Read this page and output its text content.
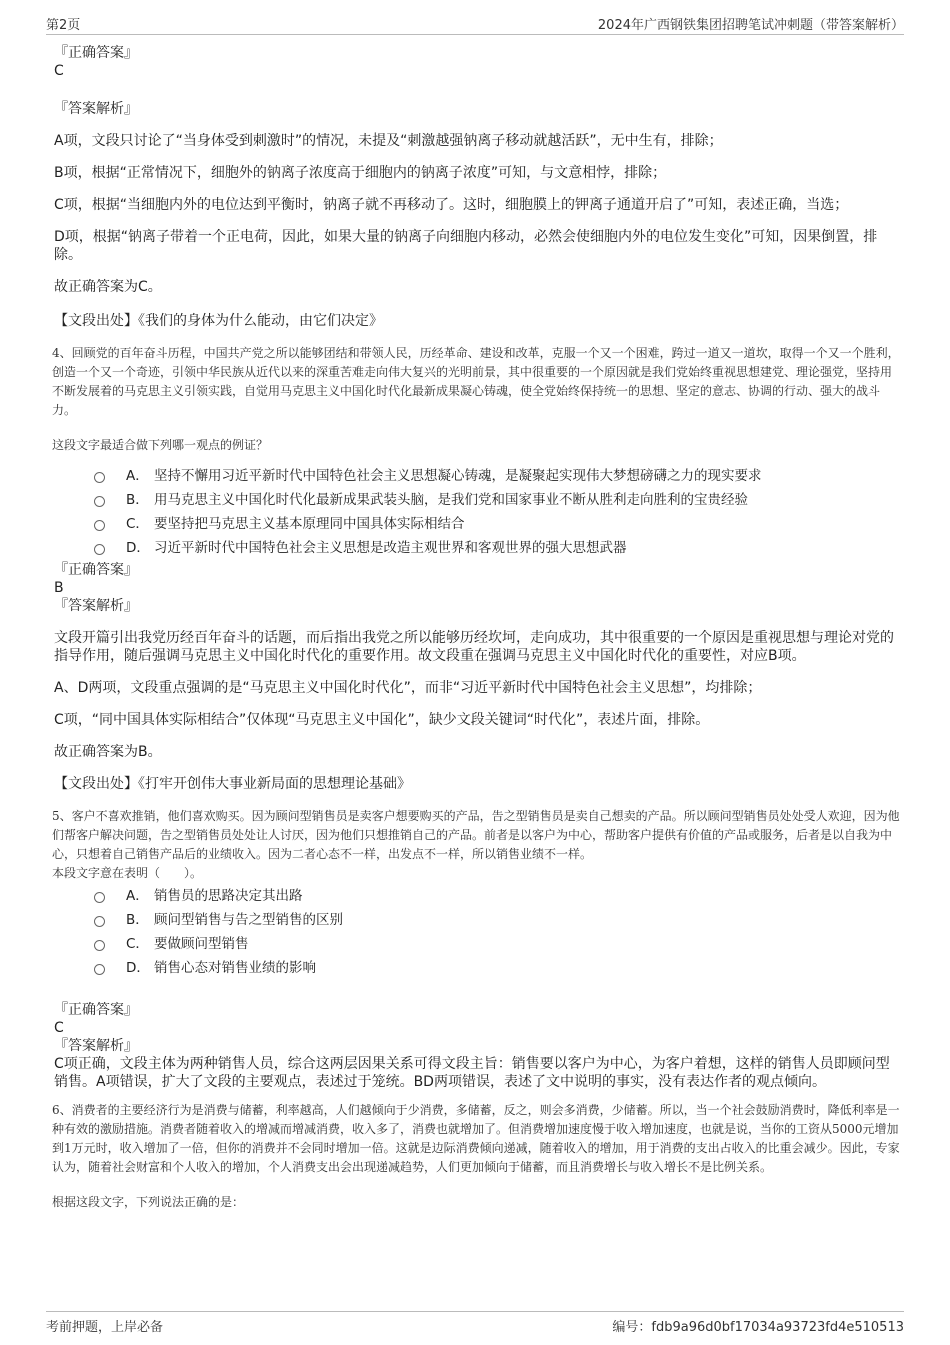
第2页	2024年广西钢铁集团招聘笔试冲刺题（带答案解析）

『正确答案』

C

『答案解析』

A项，文段只讨论了“当身体受到刺激时”的情况，未提及“刺激越强钠离子移动就越活跃”，无中生有，排除；

B项，根据“正常情况下，细胞外的钠离子浓度高于细胞内的钠离子浓度”可知，与文意相悖，排除；

C项，根据“当细胞内外的电位达到平衡时，钠离子就不再移动了。这时，细胞膜上的钾离子通道开启了”可知，表述正确，当选；

D项，根据“钠离子带着一个正电荷，因此，如果大量的钠离子向细胞内移动，必然会使细胞内外的电位发生变化”可知，因果倒置，排除。

故正确答案为C。

【文段出处】《我们的身体为什么能动，由它们决定》

4、回顾党的百年奋斗历程，中国共产党之所以能够团结和带领人民，历经革命、建设和改革，克服一个又一个困难，跨过一道又一道坎，取得一个又一个胜利，创造一个又一个奇迹，引领中华民族从近代以来的深重苦难走向伟大复兴的光明前景，其中很重要的一个原因就是我们党始终重视思想建党、理论强党，坚持用不断发展着的马克思主义引领实践，自觉用马克思主义中国化时代化最新成果凝心铸魂，使全党始终保持统一的思想、坚定的意志、协调的行动、强大的战斗力。

这段文字最适合做下列哪一观点的例证？

A． 坚持不懈用习近平新时代中国特色社会主义思想凝心铸魂，是凝聚起实现伟大梦想磅礴之力的现实要求
B． 用马克思主义中国化时代化最新成果武装头脑，是我们党和国家事业不断从胜利走向胜利的宝贵经验
C． 要坚持把马克思主义基本原理同中国具体实际相结合
D． 习近平新时代中国特色社会主义思想是改造主观世界和客观世界的强大思想武器

『正确答案』

B

『答案解析』

文段开篇引出我党历经百年奋斗的话题，而后指出我党之所以能够历经坎坷，走向成功，其中很重要的一个原因是重视思想与理论对党的指导作用，随后强调马克思主义中国化时代化的重要作用。故文段重在强调马克思主义中国化时代化的重要性，对应B项。

A、D两项，文段重点强调的是“马克思主义中国化时代化”，而非“习近平新时代中国特色社会主义思想”，均排除；

C项，“同中国具体实际相结合”仅体现“马克思主义中国化”，缺少文段关键词“时代化”，表述片面，排除。

故正确答案为B。

【文段出处】《打牢开创伟大事业新局面的思想理论基础》

5、客户不喜欢推销，他们喜欢购买。因为顾问型销售员是卖客户想要购买的产品，告之型销售员是卖自己想卖的产品。所以顾问型销售员处处受人欢迎，因为他们帮客户解决问题，告之型销售员处处让人讨厌，因为他们只想推销自己的产品。前者是以客户为中心，帮助客户提供有价值的产品或服务，后者是以自我为中心，只想着自己销售产品后的业绩收入。因为二者心态不一样，出发点不一样，所以销售业绩不一样。

本段文字意在表明（　　）。

A． 销售员的思路决定其出路
B． 顾问型销售与告之型销售的区别
C． 要做顾问型销售
D． 销售心态对销售业绩的影响

『正确答案』

C

『答案解析』

C项正确，文段主体为两种销售人员，综合这两层因果关系可得文段主旨：销售要以客户为中心，为客户着想，这样的销售人员即顾问型销售。A项错误，扩大了文段的主要观点，表述过于笼统。BD两项错误，表述了文中说明的事实，没有表达作者的观点倾向。

6、消费者的主要经济行为是消费与储蓄，利率越高，人们越倾向于少消费，多储蓄，反之，则会多消费，少储蓄。所以，当一个社会鼓励消费时，降低利率是一种有效的激励措施。消费者随着收入的增减而增减消费，收入多了，消费也就增加了。但消费增加速度慢于收入增加速度，也就是说，当你的工资从5000元增加到1万元时，收入增加了一倍，但你的消费并不会同时增加一倍。这就是边际消费倾向递减，随着收入的增加，用于消费的支出占收入的比重会减少。因此，专家认为，随着社会财富和个人收入的增加，个人消费支出会出现递减趋势，人们更加倾向于储蓄，而且消费增长与收入增长不是比例关系。

根据这段文字，下列说法正确的是：

考前押题，上岸必备	编号：fdb9a96d0bf17034a93723fd4e510513
